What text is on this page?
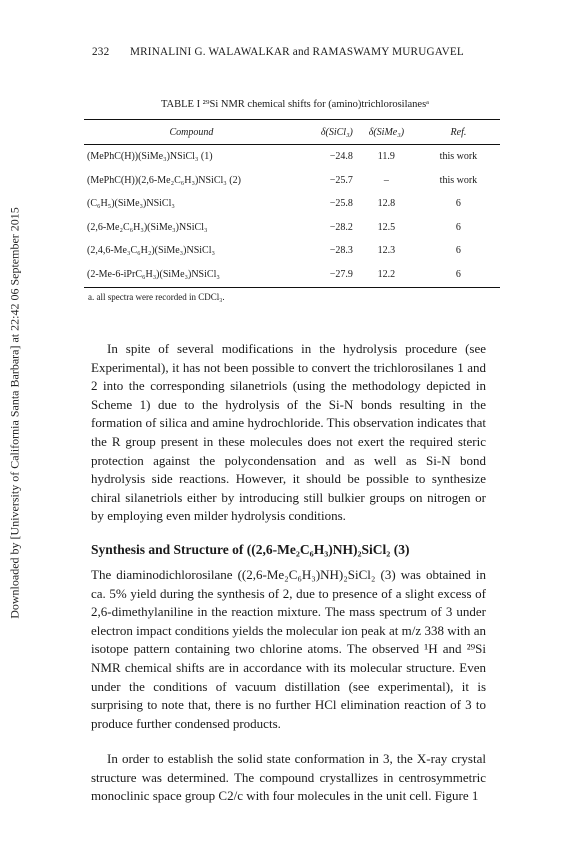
Downloaded by [University of California Santa Barbara] at 22:42 06 September 2015
232 MRINALINI G. WALAWALKAR and RAMASWAMY MURUGAVEL
TABLE I ²⁹Si NMR chemical shifts for (amino)trichlorosilanesᵃ
Compound	δ(SiCl₃)	δ(SiMe₃)	Ref.
(MePhC(H))(SiMe₃)NSiCl₃ (1)	−24.8	11.9	this work
(MePhC(H))(2,6-Me₂C₆H₃)NSiCl₃ (2)	−25.7	–	this work
(C₆H₅)(SiMe₃)NSiCl₃	−25.8	12.8	6
(2,6-Me₂C₆H₃)(SiMe₃)NSiCl₃	−28.2	12.5	6
(2,4,6-Me₃C₆H₂)(SiMe₃)NSiCl₃	−28.3	12.3	6
(2-Me-6-iPrC₆H₃)(SiMe₃)NSiCl₃	−27.9	12.2	6
a. all spectra were recorded in CDCl₃.

In spite of several modifications in the hydrolysis procedure (see Experimental), it has not been possible to convert the trichlorosilanes 1 and 2 into the corresponding silanetriols (using the methodology depicted in Scheme 1) due to the hydrolysis of the Si-N bonds resulting in the formation of silica and amine hydrochloride. This observation indicates that the R group present in these molecules does not exert the required steric protection against the polycondensation and as well as Si-N bond hydrolysis side reactions. However, it should be possible to synthesize chiral silanetriols either by introducing still bulkier groups on nitrogen or by employing even milder hydrolysis conditions.

Synthesis and Structure of ((2,6-Me₂C₆H₃)NH)₂SiCl₂ (3)

The diaminodichlorosilane ((2,6-Me₂C₆H₃)NH)₂SiCl₂ (3) was obtained in ca. 5% yield during the synthesis of 2, due to presence of a slight excess of 2,6-dimethylaniline in the reaction mixture. The mass spectrum of 3 under electron impact conditions yields the molecular ion peak at m/z 338 with an isotope pattern containing two chlorine atoms. The observed ¹H and ²⁹Si NMR chemical shifts are in accordance with its molecular structure. Even under the conditions of vacuum distillation (see experimental), it is surprising to note that, there is no further HCl elimination reaction of 3 to produce further condensed products.

In order to establish the solid state conformation in 3, the X-ray crystal structure was determined. The compound crystallizes in centrosymmetric monoclinic space group C2/c with four molecules in the unit cell. Figure 1
